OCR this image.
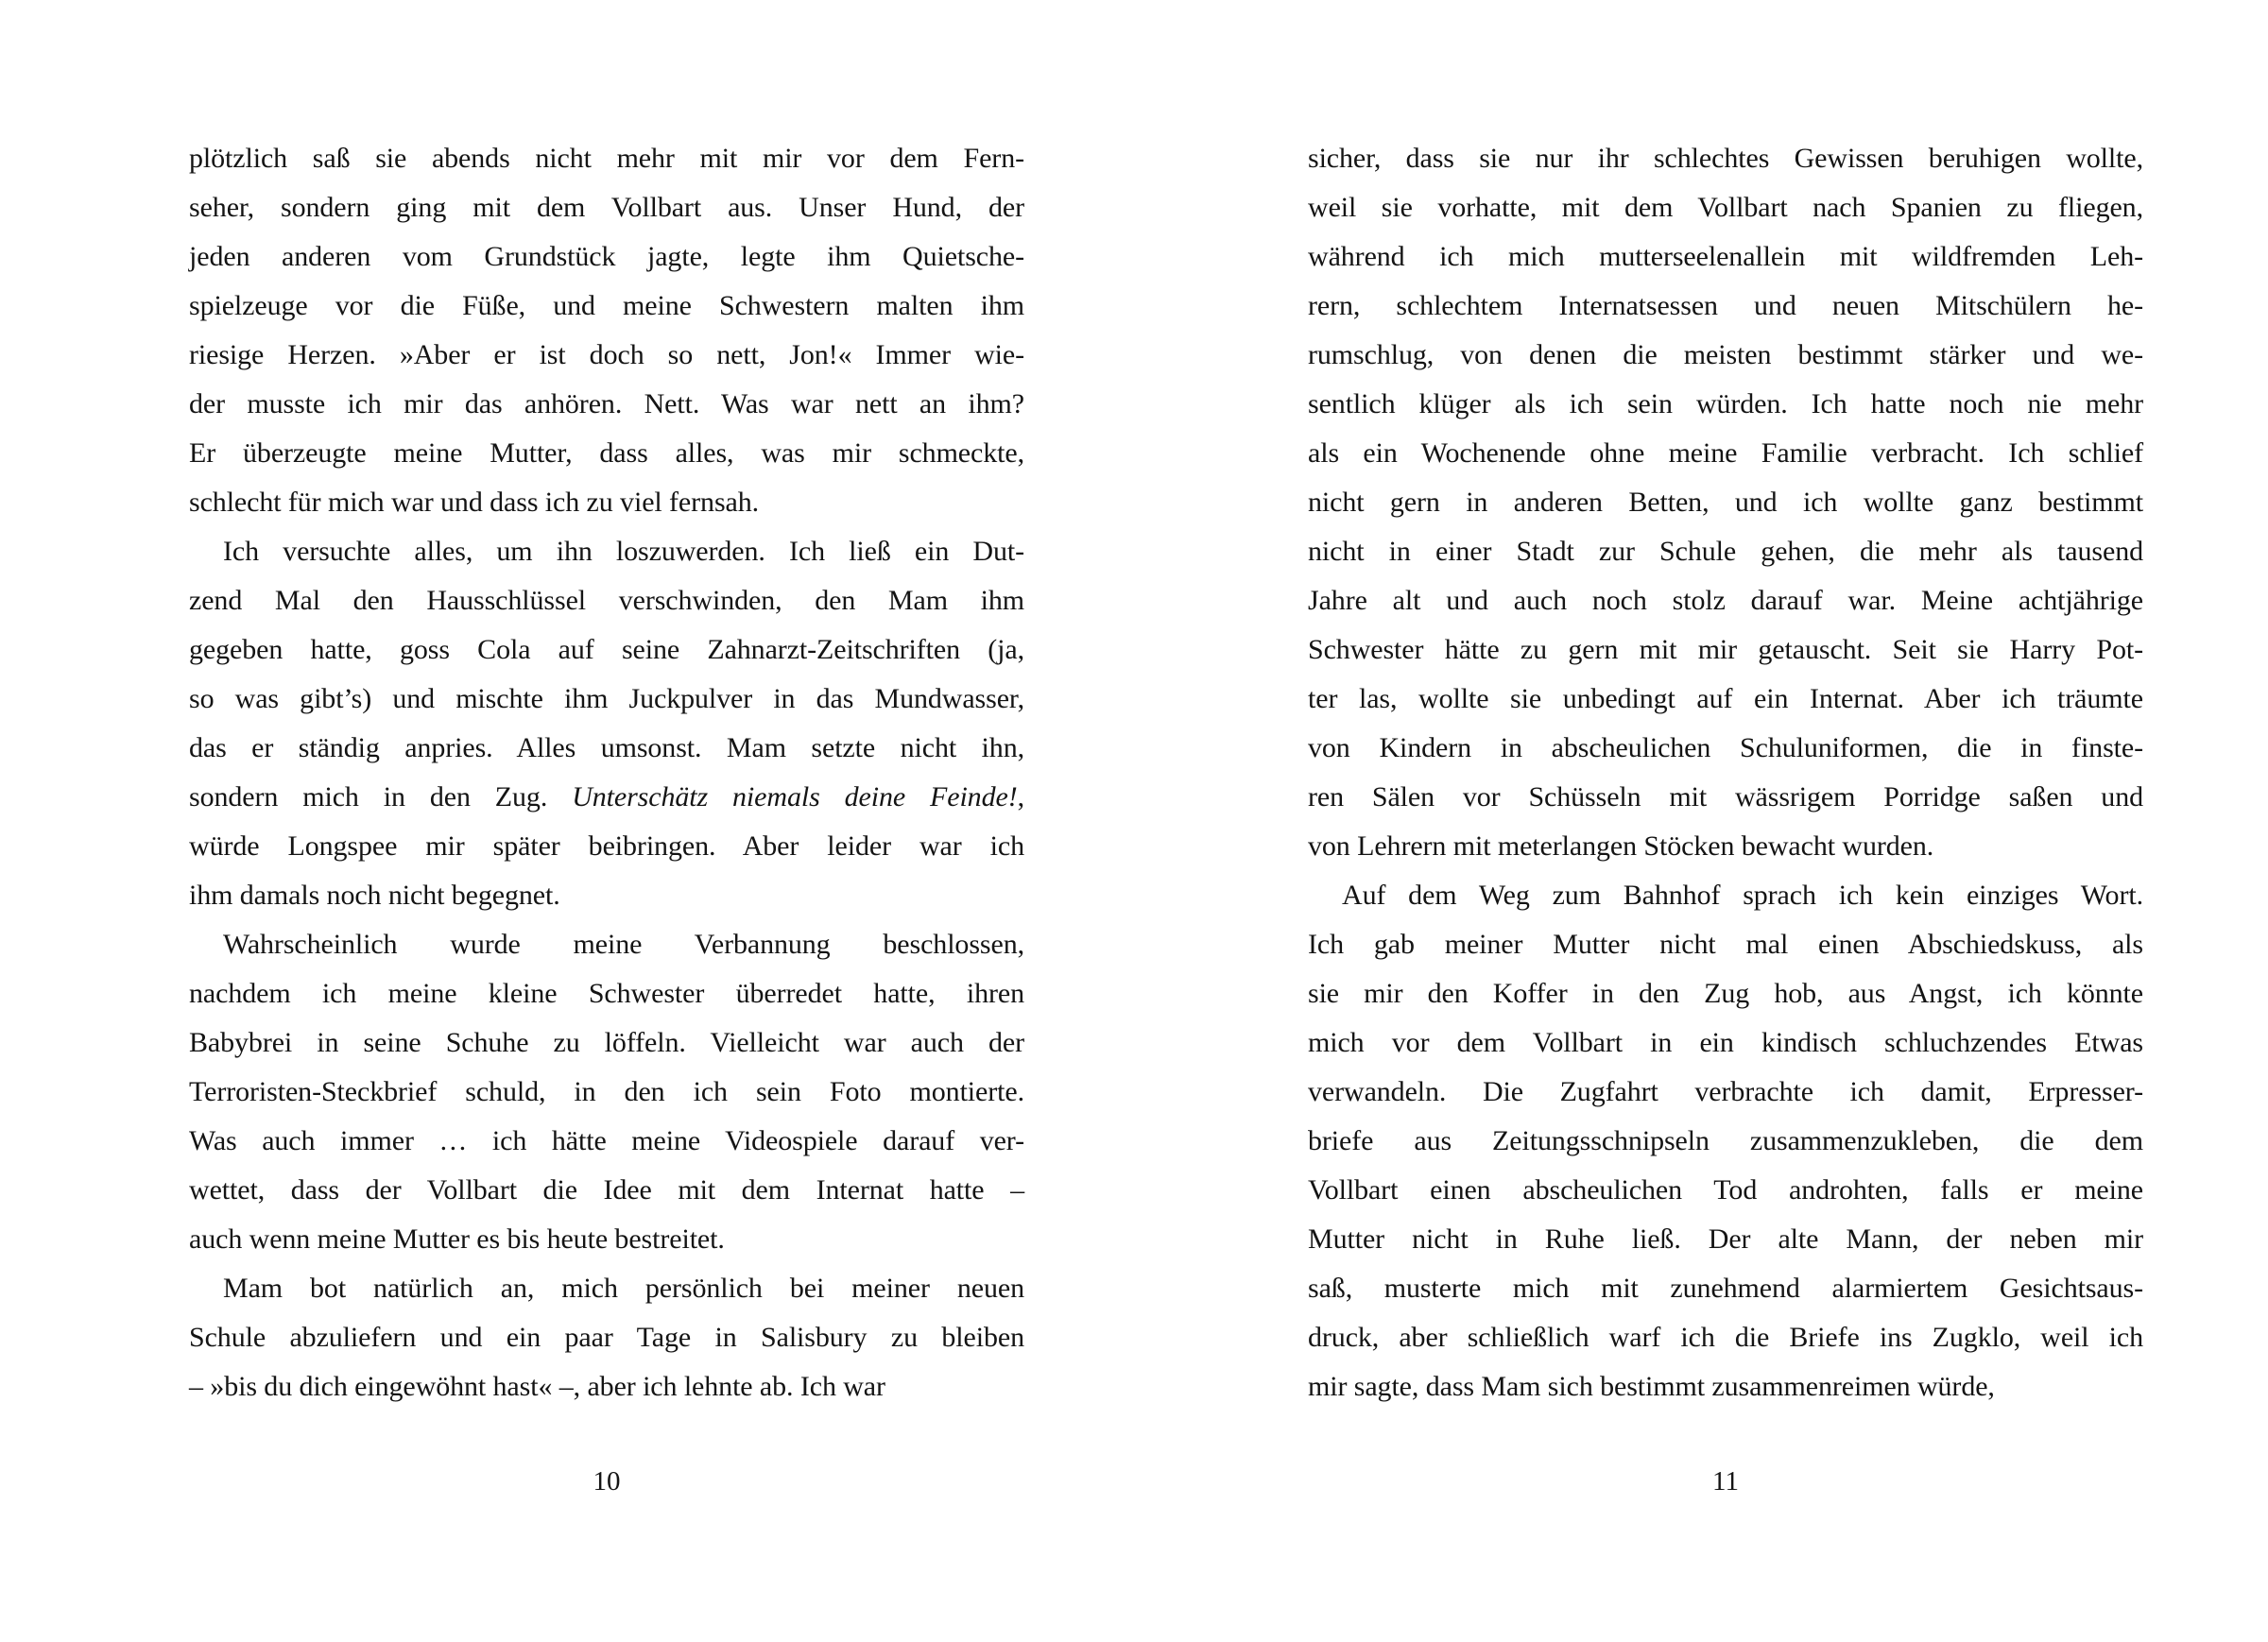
plötzlich saß sie abends nicht mehr mit mir vor dem Fern-
seher, sondern ging mit dem Vollbart aus. Unser Hund, der
jeden anderen vom Grundstück jagte, legte ihm Quietsche-
spielzeuge vor die Füße, und meine Schwestern malten ihm
riesige Herzen. »Aber er ist doch so nett, Jon!« Immer wie-
der musste ich mir das anhören. Nett. Was war nett an ihm?
Er überzeugte meine Mutter, dass alles, was mir schmeckte,
schlecht für mich war und dass ich zu viel fernsah.
Ich versuchte alles, um ihn loszuwerden. Ich ließ ein Dut-
zend Mal den Hausschlüssel verschwinden, den Mam ihm
gegeben hatte, goss Cola auf seine Zahnarzt-Zeitschriften (ja,
so was gibt’s) und mischte ihm Juckpulver in das Mundwasser,
das er ständig anpries. Alles umsonst. Mam setzte nicht ihn,
sondern mich in den Zug. Unterschätz niemals deine Feinde!,
würde Longspee mir später beibringen. Aber leider war ich
ihm damals noch nicht begegnet.
Wahrscheinlich wurde meine Verbannung beschlossen,
nachdem ich meine kleine Schwester überredet hatte, ihren
Babybrei in seine Schuhe zu löffeln. Vielleicht war auch der
Terroristen-Steckbrief schuld, in den ich sein Foto montierte.
Was auch immer … ich hätte meine Videospiele darauf ver-
wettet, dass der Vollbart die Idee mit dem Internat hatte –
auch wenn meine Mutter es bis heute bestreitet.
Mam bot natürlich an, mich persönlich bei meiner neuen
Schule abzuliefern und ein paar Tage in Salisbury zu bleiben
– »bis du dich eingewöhnt hast« –, aber ich lehnte ab. Ich war
10
sicher, dass sie nur ihr schlechtes Gewissen beruhigen wollte,
weil sie vorhatte, mit dem Vollbart nach Spanien zu fliegen,
während ich mich mutterseelenallein mit wildfremden Leh-
rern, schlechtem Internatsessen und neuen Mitschülern he-
rumschlug, von denen die meisten bestimmt stärker und we-
sentlich klüger als ich sein würden. Ich hatte noch nie mehr
als ein Wochenende ohne meine Familie verbracht. Ich schlief
nicht gern in anderen Betten, und ich wollte ganz bestimmt
nicht in einer Stadt zur Schule gehen, die mehr als tausend
Jahre alt und auch noch stolz darauf war. Meine achtjährige
Schwester hätte zu gern mit mir getauscht. Seit sie Harry Pot-
ter las, wollte sie unbedingt auf ein Internat. Aber ich träumte
von Kindern in abscheulichen Schuluniformen, die in finste-
ren Sälen vor Schüsseln mit wässrigem Porridge saßen und
von Lehrern mit meterlangen Stöcken bewacht wurden.
Auf dem Weg zum Bahnhof sprach ich kein einziges Wort.
Ich gab meiner Mutter nicht mal einen Abschiedskuss, als
sie mir den Koffer in den Zug hob, aus Angst, ich könnte
mich vor dem Vollbart in ein kindisch schluchzendes Etwas
verwandeln. Die Zugfahrt verbrachte ich damit, Erpresser-
briefe aus Zeitungsschnipseln zusammenzukleben, die dem
Vollbart einen abscheulichen Tod androhten, falls er meine
Mutter nicht in Ruhe ließ. Der alte Mann, der neben mir
saß, musterte mich mit zunehmend alarmiertem Gesichtsaus-
druck, aber schließlich warf ich die Briefe ins Zugklo, weil ich
mir sagte, dass Mam sich bestimmt zusammenreimen würde,
11
